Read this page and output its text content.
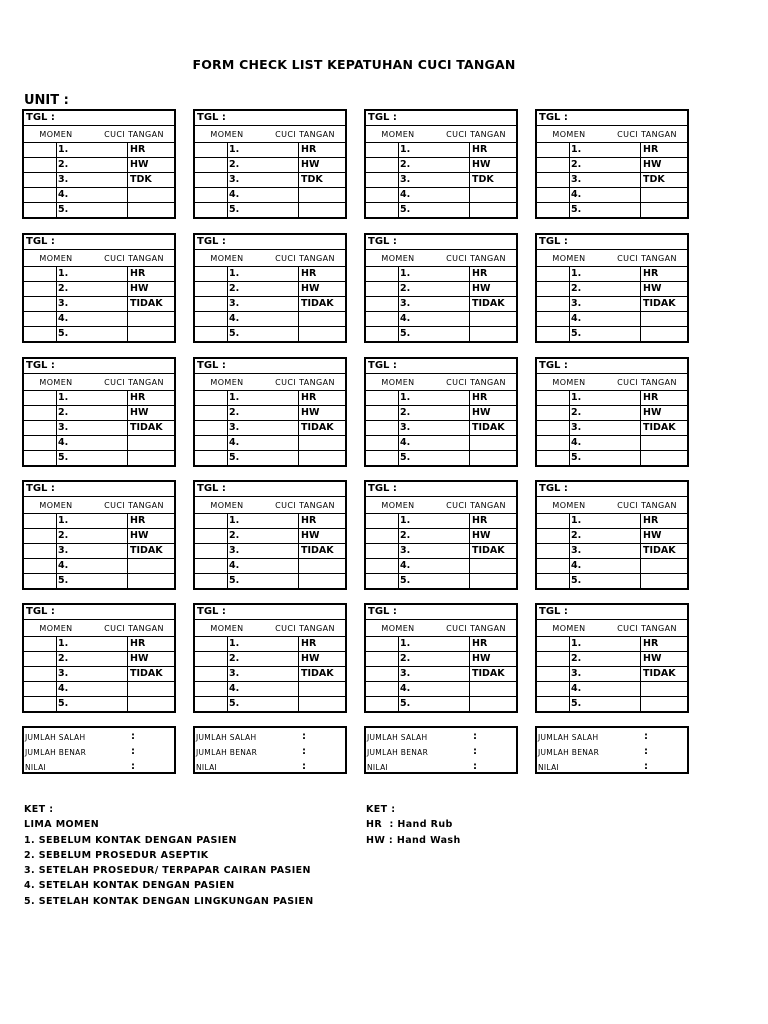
FORM CHECK LIST KEPATUHAN CUCI TANGAN
UNIT :
TGL :
MOMEN	CUCI TANGAN
1.	HR
2.	HW
3.	TDK
4.
5.
TGL :
MOMEN	CUCI TANGAN
1.	HR
2.	HW
3.	TDK
4.
5.
TGL :
MOMEN	CUCI TANGAN
1.	HR
2.	HW
3.	TDK
4.
5.
TGL :
MOMEN	CUCI TANGAN
1.	HR
2.	HW
3.	TDK
4.
5.
TGL :
MOMEN	CUCI TANGAN
1.	HR
2.	HW
3.	TIDAK
4.
5.
TGL :
MOMEN	CUCI TANGAN
1.	HR
2.	HW
3.	TIDAK
4.
5.
TGL :
MOMEN	CUCI TANGAN
1.	HR
2.	HW
3.	TIDAK
4.
5.
TGL :
MOMEN	CUCI TANGAN
1.	HR
2.	HW
3.	TIDAK
4.
5.
TGL :
MOMEN	CUCI TANGAN
1.	HR
2.	HW
3.	TIDAK
4.
5.
TGL :
MOMEN	CUCI TANGAN
1.	HR
2.	HW
3.	TIDAK
4.
5.
TGL :
MOMEN	CUCI TANGAN
1.	HR
2.	HW
3.	TIDAK
4.
5.
TGL :
MOMEN	CUCI TANGAN
1.	HR
2.	HW
3.	TIDAK
4.
5.
TGL :
MOMEN	CUCI TANGAN
1.	HR
2.	HW
3.	TIDAK
4.
5.
TGL :
MOMEN	CUCI TANGAN
1.	HR
2.	HW
3.	TIDAK
4.
5.
TGL :
MOMEN	CUCI TANGAN
1.	HR
2.	HW
3.	TIDAK
4.
5.
TGL :
MOMEN	CUCI TANGAN
1.	HR
2.	HW
3.	TIDAK
4.
5.
TGL :
MOMEN	CUCI TANGAN
1.	HR
2.	HW
3.	TIDAK
4.
5.
TGL :
MOMEN	CUCI TANGAN
1.	HR
2.	HW
3.	TIDAK
4.
5.
TGL :
MOMEN	CUCI TANGAN
1.	HR
2.	HW
3.	TIDAK
4.
5.
TGL :
MOMEN	CUCI TANGAN
1.	HR
2.	HW
3.	TIDAK
4.
5.
JUMLAH SALAH	:
JUMLAH BENAR	:
NILAI	:
JUMLAH SALAH	:
JUMLAH BENAR	:
NILAI	:
JUMLAH SALAH	:
JUMLAH BENAR	:
NILAI	:
JUMLAH SALAH	:
JUMLAH BENAR	:
NILAI	:
KET :
LIMA MOMEN
1. SEBELUM KONTAK DENGAN PASIEN
2. SEBELUM PROSEDUR ASEPTIK
3. SETELAH PROSEDUR/ TERPAPAR CAIRAN PASIEN
4. SETELAH KONTAK DENGAN PASIEN
5. SETELAH KONTAK DENGAN LINGKUNGAN PASIEN
KET :
HR  : Hand Rub
HW : Hand Wash
